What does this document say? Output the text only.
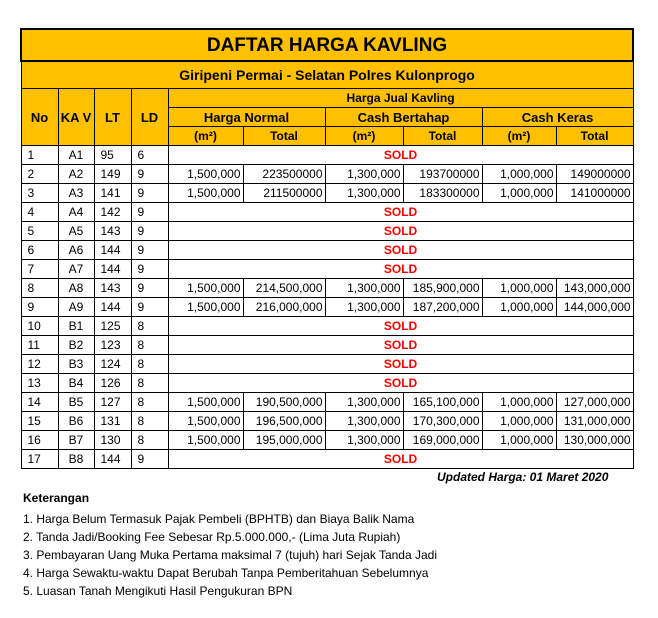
DAFTAR HARGA KAVLING									
Giripeni Permai - Selatan Polres Kulonprogo									
No	KA V	LT	LD	Harga Jual Kavling					
				Harga Normal		Cash Bertahap		Cash Keras	
				(m²)	Total	(m²)	Total	(m²)	Total
1	A1	95	6	SOLD					
2	A2	149	9	1,500,000	223500000	1,300,000	193700000	1,000,000	149000000
3	A3	141	9	1,500,000	211500000	1,300,000	183300000	1,000,000	141000000
4	A4	142	9	SOLD					
5	A5	143	9	SOLD					
6	A6	144	9	SOLD					
7	A7	144	9	SOLD					
8	A8	143	9	1,500,000	214,500,000	1,300,000	185,900,000	1,000,000	143,000,000
9	A9	144	9	1,500,000	216,000,000	1,300,000	187,200,000	1,000,000	144,000,000
10	B1	125	8	SOLD					
11	B2	123	8	SOLD					
12	B3	124	8	SOLD					
13	B4	126	8	SOLD					
14	B5	127	8	1,500,000	190,500,000	1,300,000	165,100,000	1,000,000	127,000,000
15	B6	131	8	1,500,000	196,500,000	1,300,000	170,300,000	1,000,000	131,000,000
16	B7	130	8	1,500,000	195,000,000	1,300,000	169,000,000	1,000,000	130,000,000
17	B8	144	9	SOLD					
Updated Harga: 01 Maret 2020
Keterangan
1. Harga Belum Termasuk Pajak Pembeli (BPHTB) dan Biaya Balik Nama
2. Tanda Jadi/Booking Fee Sebesar Rp.5.000.000,- (Lima Juta Rupiah)
3. Pembayaran Uang Muka Pertama maksimal 7 (tujuh) hari Sejak Tanda Jadi
4. Harga Sewaktu-waktu Dapat Berubah Tanpa Pemberitahuan Sebelumnya
5. Luasan Tanah Mengikuti Hasil Pengukuran BPN
